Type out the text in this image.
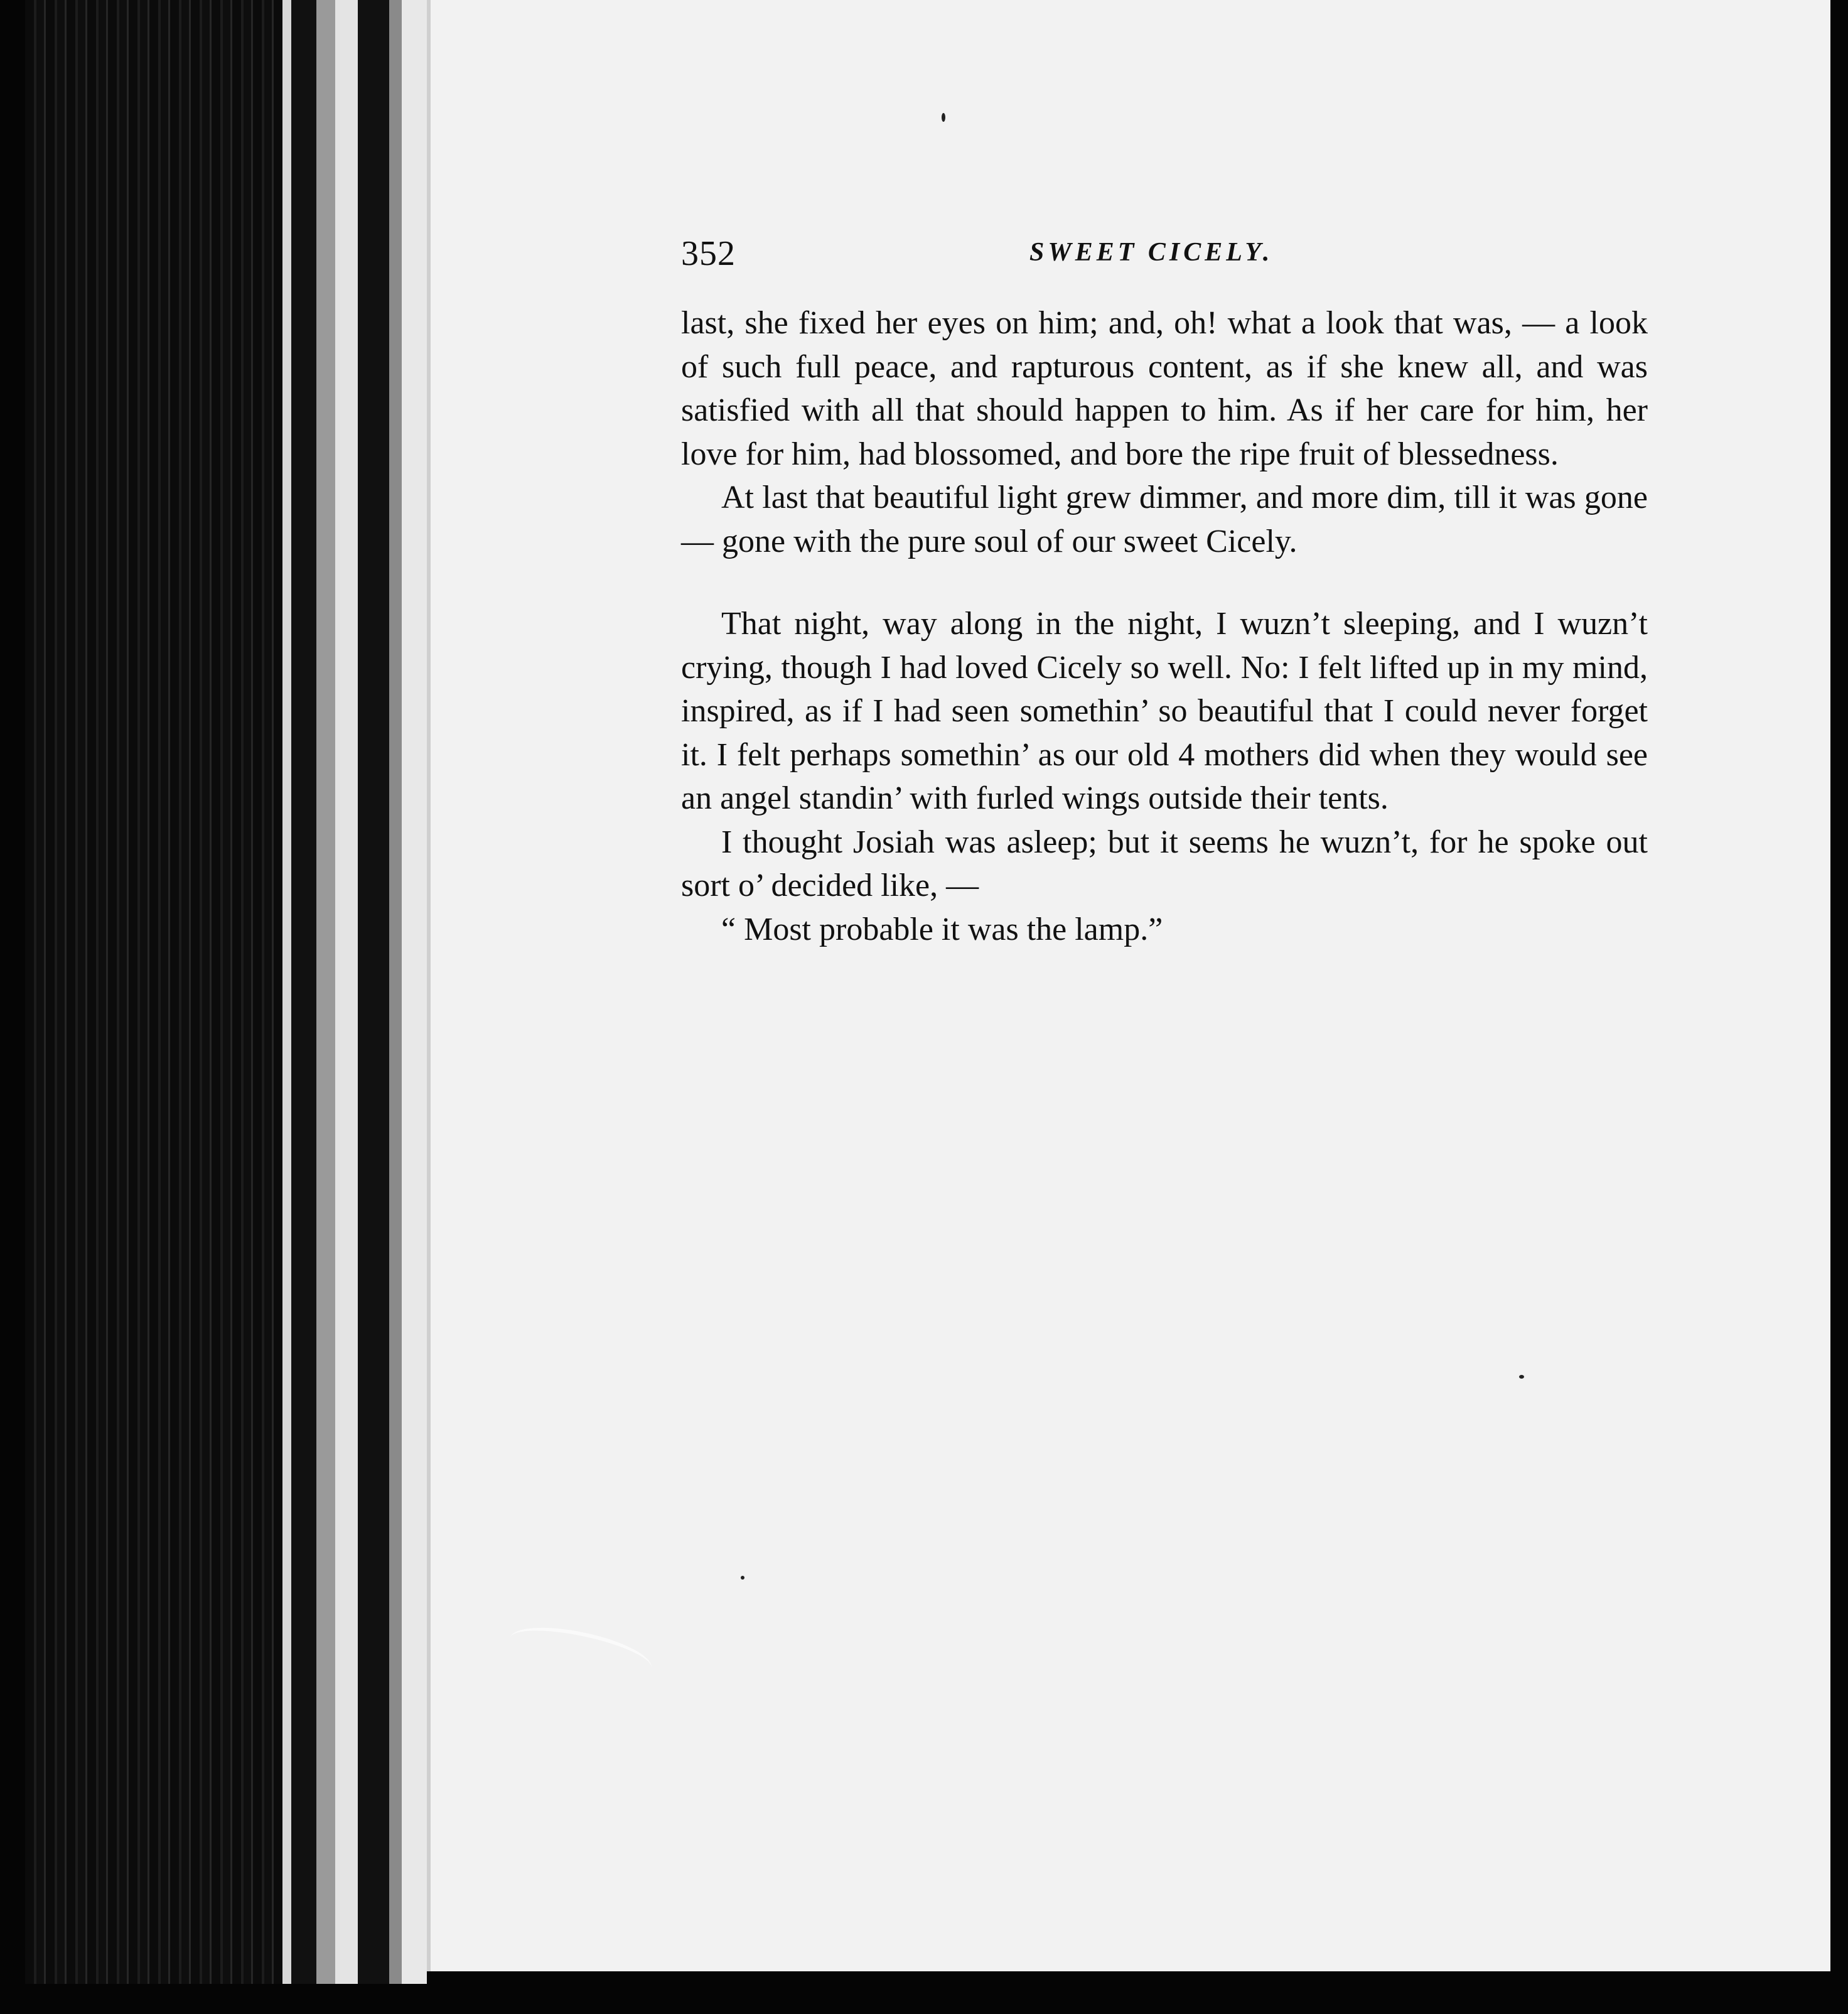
352	SWEET CICELY.

last, she fixed her eyes on him; and, oh! what a look that was, — a look of such full peace, and rapturous content, as if she knew all, and was satisfied with all that should happen to him. As if her care for him, her love for him, had blossomed, and bore the ripe fruit of blessedness.

At last that beautiful light grew dimmer, and more dim, till it was gone — gone with the pure soul of our sweet Cicely.

That night, way along in the night, I wuzn’t sleeping, and I wuzn’t crying, though I had loved Cicely so well. No: I felt lifted up in my mind, inspired, as if I had seen somethin’ so beautiful that I could never forget it. I felt perhaps somethin’ as our old 4 mothers did when they would see an angel standin’ with furled wings outside their tents.

I thought Josiah was asleep; but it seems he wuzn’t, for he spoke out sort o’ decided like, —

“ Most probable it was the lamp.”
